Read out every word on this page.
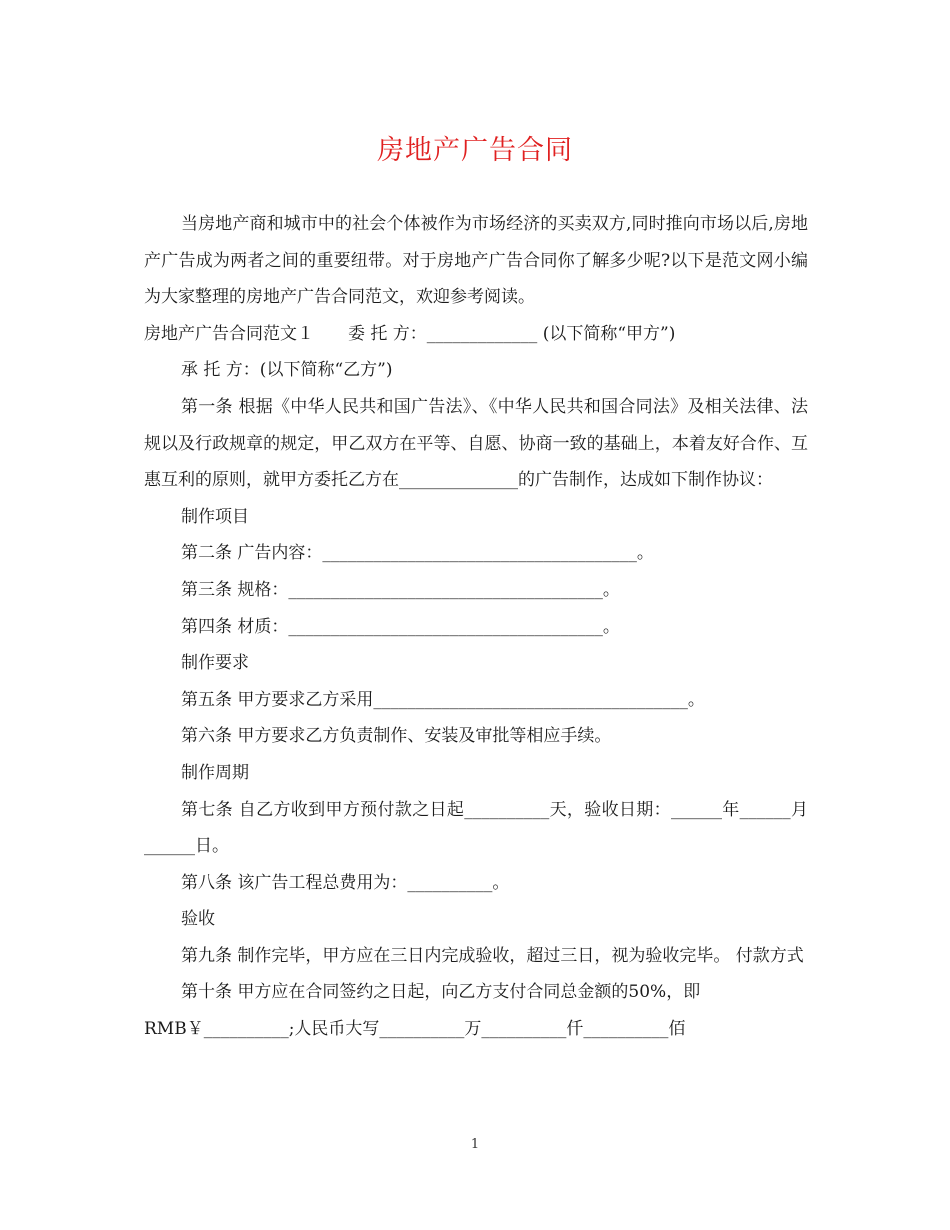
房地产广告合同

当房地产商和城市中的社会个体被作为市场经济的买卖双方,同时推向市场以后,房地产广告成为两者之间的重要纽带。对于房地产广告合同你了解多少呢?以下是范文网小编为大家整理的房地产广告合同范文，欢迎参考阅读。

房地产广告合同范文１　　委 托 方：_____________ (以下简称“甲方”)

承 托 方：(以下简称“乙方”)

第一条 根据《中华人民共和国广告法》、《中华人民共和国合同法》及相关法律、法规以及行政规章的规定，甲乙双方在平等、自愿、协商一致的基础上，本着友好合作、互惠互利的原则，就甲方委托乙方在______________的广告制作，达成如下制作协议：

制作项目

第二条 广告内容：_____________________________________。

第三条 规格：_____________________________________。

第四条 材质：_____________________________________。

制作要求

第五条 甲方要求乙方采用_____________________________________。

第六条 甲方要求乙方负责制作、安装及审批等相应手续。

制作周期

第七条 自乙方收到甲方预付款之日起__________天，验收日期：______年______月______日。

第八条 该广告工程总费用为：__________。

验收

第九条 制作完毕，甲方应在三日内完成验收，超过三日，视为验收完毕。 付款方式

第十条 甲方应在合同签约之日起，向乙方支付合同总金额的50%，即

RMB￥__________;人民币大写__________万__________仟__________佰

1
